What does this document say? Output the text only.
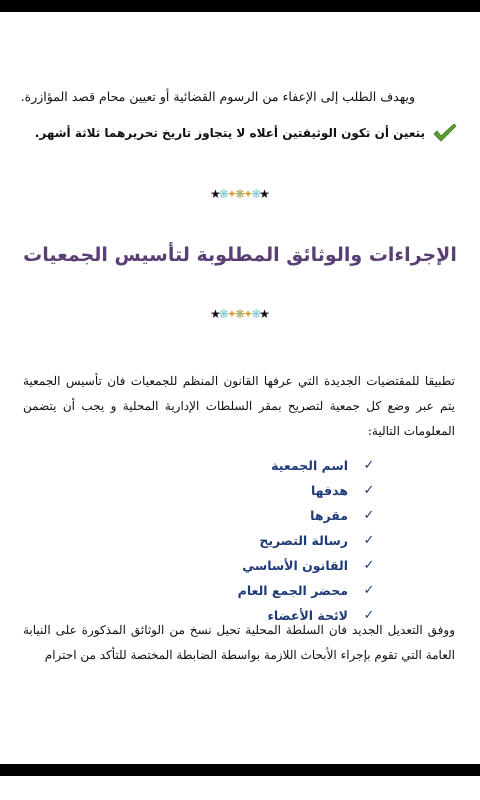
ويهدف الطلب إلى الإعفاء من الرسوم القضائية أو تعيين محام قصد المؤازرة.
يتعين أن تكون الوثيقتين أعلاه لا يتجاوز تاريخ تحريرهما ثلاثة أشهر.
★❋✦❋✦❋★
الإجراءات والوثائق المطلوبة لتأسيس الجمعيات
★❋✦❋✦❋★
تطبيقا للمقتضيات الجديدة التي عرفها القانون المنظم للجمعيات فان تأسيس الجمعية يتم عبر وضع كل جمعية لتصريح بمقر السلطات الإدارية المحلية و يجب أن يتضمن المعلومات التالية:
✓
اسم الجمعية
✓
هدفها
✓
مقرها
✓
رسالة التصريح
✓
القانون الأساسي
✓
محضر الجمع العام
✓
لائحة الأعضاء
ووفق التعديل الجديد فان السلطة المحلية تحيل نسخ من الوثائق المذكورة على النيابة العامة التي تقوم بإجراء الأبحاث اللازمة بواسطة الضابطة المختصة للتأكد من احترام
